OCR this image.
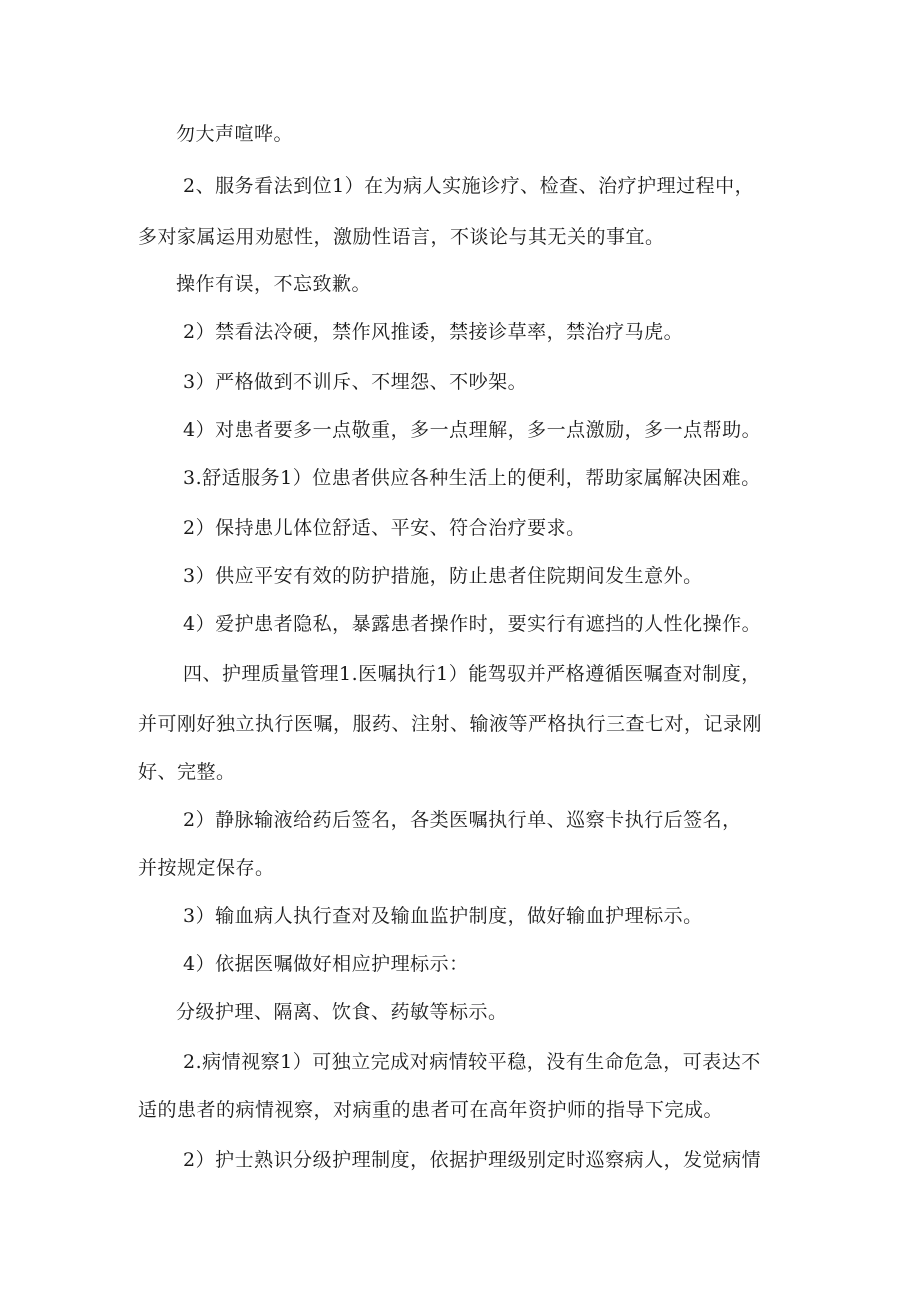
勿大声喧哗。
2、服务看法到位1）在为病人实施诊疗、检查、治疗护理过程中，
多对家属运用劝慰性，激励性语言，不谈论与其无关的事宜。
操作有误，不忘致歉。
2）禁看法冷硬，禁作风推诿，禁接诊草率，禁治疗马虎。
3）严格做到不训斥、不埋怨、不吵架。
4）对患者要多一点敬重，多一点理解，多一点激励，多一点帮助。
3.舒适服务1）位患者供应各种生活上的便利，帮助家属解决困难。
2）保持患儿体位舒适、平安、符合治疗要求。
3）供应平安有效的防护措施，防止患者住院期间发生意外。
4）爱护患者隐私，暴露患者操作时，要实行有遮挡的人性化操作。
四、护理质量管理1.医嘱执行1）能驾驭并严格遵循医嘱查对制度，
并可刚好独立执行医嘱，服药、注射、输液等严格执行三查七对，记录刚
好、完整。
2）静脉输液给药后签名，各类医嘱执行单、巡察卡执行后签名，
并按规定保存。
3）输血病人执行查对及输血监护制度，做好输血护理标示。
4）依据医嘱做好相应护理标示：
分级护理、隔离、饮食、药敏等标示。
2.病情视察1）可独立完成对病情较平稳，没有生命危急，可表达不
适的患者的病情视察，对病重的患者可在高年资护师的指导下完成。
2）护士熟识分级护理制度，依据护理级别定时巡察病人，发觉病情
